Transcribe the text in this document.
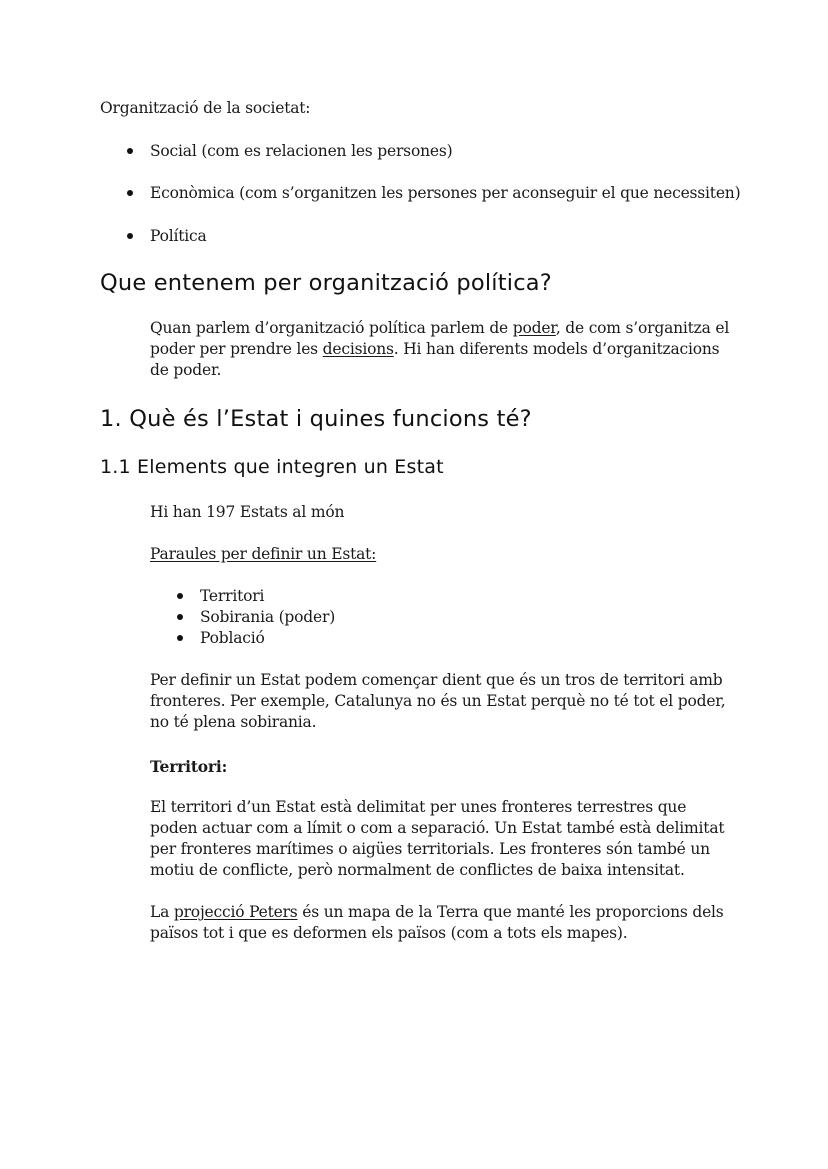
Organització de la societat:
Social (com es relacionen les persones)
Econòmica (com s’organitzen les persones per aconseguir el que necessiten)
Política
Que entenem per organització política?

Quan parlem d’organització política parlem de poder, de com s’organitza el poder per prendre les decisions. Hi han diferents models d’organitzacions de poder.

1. Què és l’Estat i quines funcions té?
1.1 Elements que integren un Estat
Hi han 197 Estats al món
Paraules per definir un Estat:
Territori
Sobirania (poder)
Població

Per definir un Estat podem començar dient que és un tros de territori amb fronteres. Per exemple, Catalunya no és un Estat perquè no té tot el poder, no té plena sobirania.

Territori:

El territori d’un Estat està delimitat per unes fronteres terrestres que poden actuar com a límit o com a separació. Un Estat també està delimitat per fronteres marítimes o aigües territorials. Les fronteres són també un motiu de conflicte, però normalment de conflictes de baixa intensitat.

La projecció Peters és un mapa de la Terra que manté les proporcions dels països tot i que es deformen els països (com a tots els mapes).
